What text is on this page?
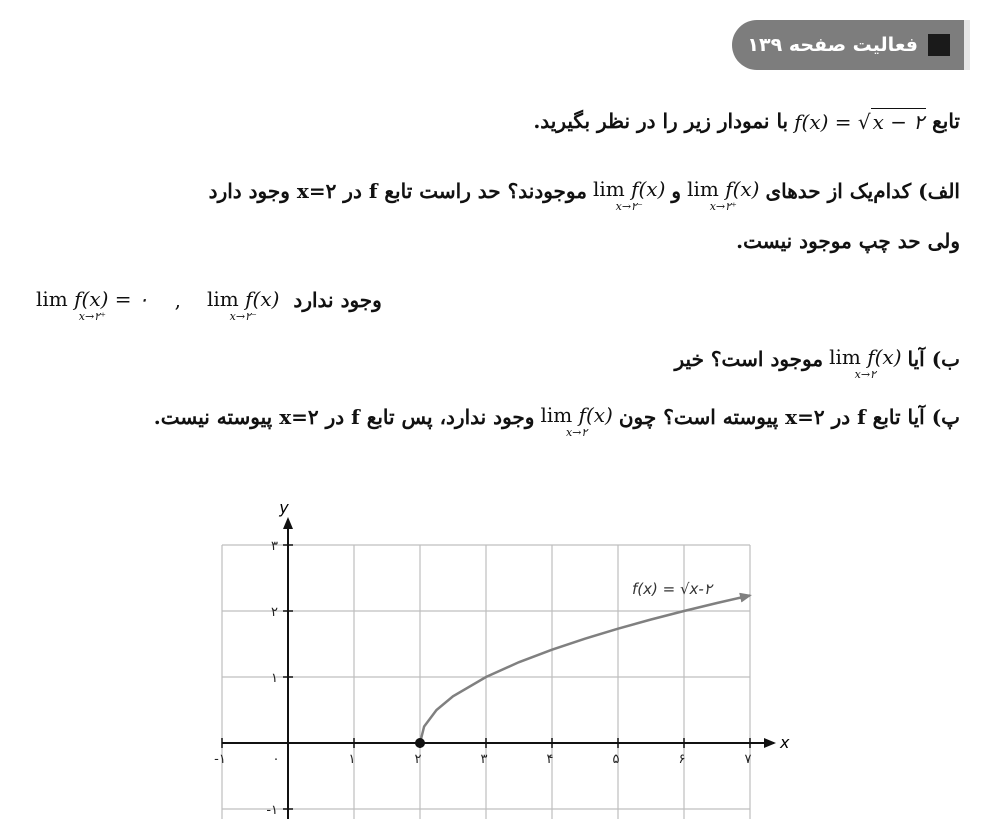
فعالیت صفحه ۱۳۹
تابع
f(x) = √ x − ۲
با نمودار زیر را در نظر بگیرید.
الف) کدام‌یک از حدهای
lim f(x)
x→۲⁺
و
lim f(x)
x→۲⁻
موجودند؟ حد راست تابع f در ۲=x وجود دارد
ولی حد چپ موجود نیست.
lim f(x) = ۰
x→۲⁺
,	lim f(x)
x→۲⁻
وجود ندارد
ب) آیا
lim f(x)
x→۲
موجود است؟ خیر
پ) آیا تابع f در ۲=x پیوسته است؟ چون
lim f(x)
x→۲
وجود ندارد، پس تابع f در ۲=x پیوسته نیست.
x
y
-۱	۰	۱	۲	۳	۴	۵	۶	۷
-۱
۱
۲
۳
f(x) = √x-۲
